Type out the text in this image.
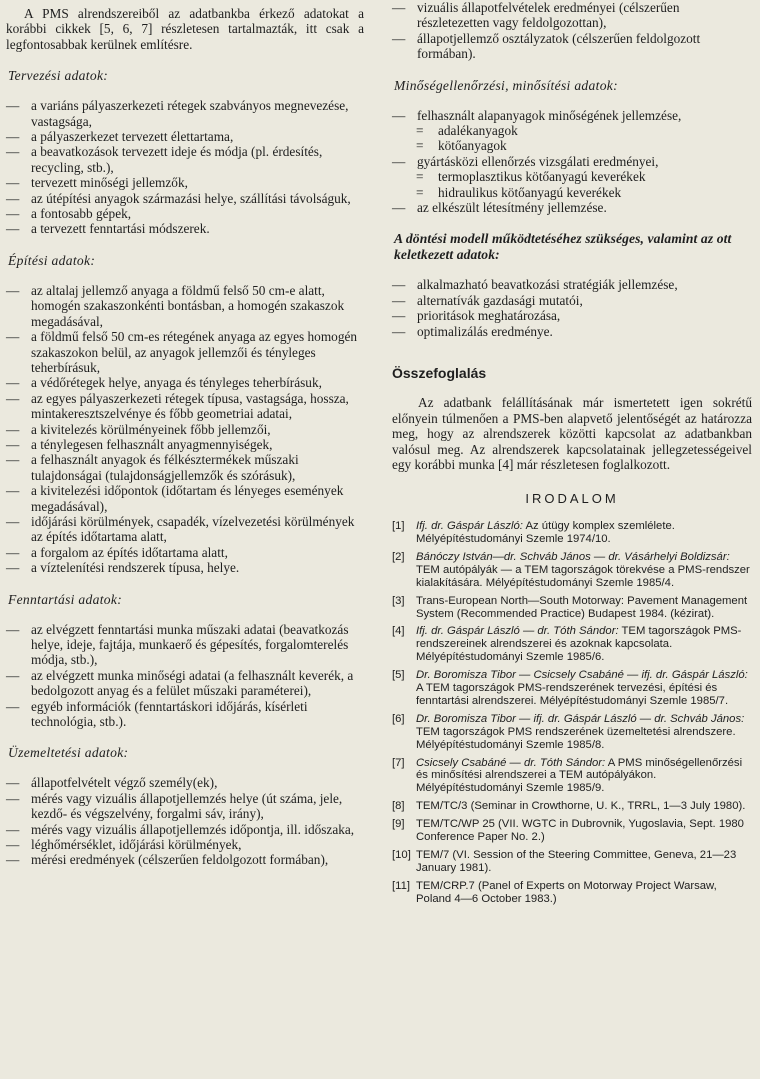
A PMS alrendszereiből az adatbankba érkező adatokat a korábbi cikkek [5, 6, 7] részletesen tartalmazták, itt csak a legfontosabbak kerülnek említésre.

Tervezési adatok:
— a variáns pályaszerkezeti rétegek szabványos megnevezése, vastagsága,
— a pályaszerkezet tervezett élettartama,
— a beavatkozások tervezett ideje és módja (pl. érdesítés, recycling, stb.),
— tervezett minőségi jellemzők,
— az útépítési anyagok származási helye, szállítási távolságuk,
— a fontosabb gépek,
— a tervezett fenntartási módszerek.
Építési adatok:
— az altalaj jellemző anyaga a földmű felső 50 cm-e alatt, homogén szakaszonkénti bontásban, a homogén szakaszok megadásával,
— a földmű felső 50 cm-es rétegének anyaga az egyes homogén szakaszokon belül, az anyagok jellemzői és tényleges teherbírásuk,
— a védőrétegek helye, anyaga és tényleges teherbírásuk,
— az egyes pályaszerkezeti rétegek típusa, vastagsága, hossza, mintakeresztszelvénye és főbb geometriai adatai,
— a kivitelezés körülményeinek főbb jellemzői,
— a ténylegesen felhasznált anyagmennyiségek,
— a felhasznált anyagok és félkésztermékek műszaki tulajdonságai (tulajdonságjellemzők és szórásuk),
— a kivitelezési időpontok (időtartam és lényeges események megadásával),
— időjárási körülmények, csapadék, vízelvezetési körülmények az építés időtartama alatt,
— a forgalom az építés időtartama alatt,
— a víztelenítési rendszerek típusa, helye.
Fenntartási adatok:
— az elvégzett fenntartási munka műszaki adatai (beavatkozás helye, ideje, fajtája, munkaerő és gépesítés, forgalomterelés módja, stb.),
— az elvégzett munka minőségi adatai (a felhasznált keverék, a bedolgozott anyag és a felület műszaki paraméterei),
— egyéb információk (fenntartáskori időjárás, kísérleti technológia, stb.).
Üzemeltetési adatok:
— állapotfelvételt végző személy(ek),
— mérés vagy vizuális állapotjellemzés helye (út száma, jele, kezdő- és végszelvény, forgalmi sáv, irány),
— mérés vagy vizuális állapotjellemzés időpontja, ill. időszaka,
— léghőmérséklet, időjárási körülmények,
— mérési eredmények (célszerűen feldolgozott formában),
— vizuális állapotfelvételek eredményei (célszerűen részletezetten vagy feldolgozottan),
— állapotjellemző osztályzatok (célszerűen feldolgozott formában).
Minőségellenőrzési, minősítési adatok:
— felhasznált alapanyagok minőségének jellemzése,
= adalékanyagok
= kötőanyagok
— gyártásközi ellenőrzés vizsgálati eredményei,
= termoplasztikus kötőanyagú keverékek
= hidraulikus kötőanyagú keverékek
— az elkészült létesítmény jellemzése.
A döntési modell működtetéséhez szükséges, valamint az ott keletkezett adatok:
— alkalmazható beavatkozási stratégiák jellemzése,
— alternatívák gazdasági mutatói,
— prioritások meghatározása,
— optimalizálás eredménye.
Összefoglalás

Az adatbank felállításának már ismertetett igen sokrétű előnyein túlmenően a PMS-ben alapvető jelentőségét az határozza meg, hogy az alrendszerek közötti kapcsolat az adatbankban valósul meg. Az alrendszerek kapcsolatainak jellegzetességeivel egy korábbi munka [4] már részletesen foglalkozott.

IRODALOM
[1] Ifj. dr. Gáspár László: Az útügy komplex szemlélete. Mélyépítéstudományi Szemle 1974/10.
[2] Bánóczy István—dr. Schváb János — dr. Vásárhelyi Boldizsár: TEM autópályák — a TEM tagországok törekvése a PMS-rendszer kialakítására. Mélyépítéstudományi Szemle 1985/4.
[3] Trans-European North—South Motorway: Pavement Management System (Recommended Practice) Budapest 1984. (kézirat).
[4] Ifj. dr. Gáspár László — dr. Tóth Sándor: TEM tagországok PMS-rendszereinek alrendszerei és azoknak kapcsolata. Mélyépítéstudományi Szemle 1985/6.
[5] Dr. Boromisza Tibor — Csicsely Csabáné — ifj. dr. Gáspár László: A TEM tagországok PMS-rendszerének tervezési, építési és fenntartási alrendszerei. Mélyépítéstudományi Szemle 1985/7.
[6] Dr. Boromisza Tibor — ifj. dr. Gáspár László — dr. Schváb János: TEM tagországok PMS rendszerének üzemeltetési alrendszere. Mélyépítéstudományi Szemle 1985/8.
[7] Csicsely Csabáné — dr. Tóth Sándor: A PMS minőségellenőrzési és minősítési alrendszerei a TEM autópályákon. Mélyépítéstudományi Szemle 1985/9.
[8] TEM/TC/3 (Seminar in Crowthorne, U. K., TRRL, 1—3 July 1980).
[9] TEM/TC/WP 25 (VII. WGTC in Dubrovnik, Yugoslavia, Sept. 1980 Conference Paper No. 2.)
[10] TEM/7 (VI. Session of the Steering Committee, Geneva, 21—23 January 1981).
[11] TEM/CRP.7 (Panel of Experts on Motorway Project Warsaw, Poland 4—6 October 1983.)
